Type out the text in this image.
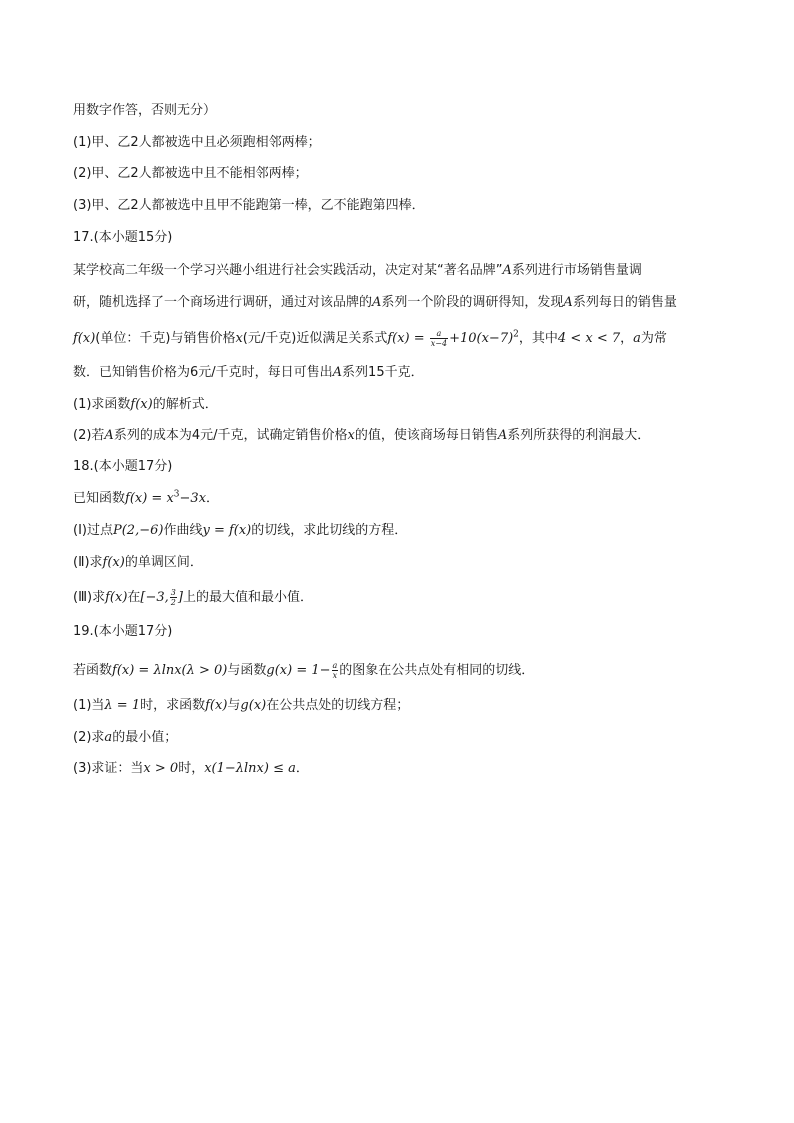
用数字作答，否则无分）
(1)甲、乙2人都被选中且必须跑相邻两棒；
(2)甲、乙2人都被选中且不能相邻两棒；
(3)甲、乙2人都被选中且甲不能跑第一棒，乙不能跑第四棒．
17.(本小题15分)
某学校高二年级一个学习兴趣小组进行社会实践活动，决定对某“著名品牌”A系列进行市场销售量调
研，随机选择了一个商场进行调研，通过对该品牌的A系列一个阶段的调研得知，发现A系列每日的销售量
f(x)(单位：千克)与销售价格x(元/千克)近似满足关系式$f(x) = \frac{a}{x-4} +10(x-7)^2$，其中4 < x < 7，a为常
数．已知销售价格为6元/千克时，每日可售出A系列15千克．
(1)求函数f(x)的解析式．
(2)若A系列的成本为4元/千克，试确定销售价格x的值，使该商场每日销售A系列所获得的利润最大．
18.(本小题17分)
已知函数$f(x) = x^3-3x$．
(Ⅰ)过点P(2,−6)作曲线y = f(x)的切线，求此切线的方程．
(Ⅱ)求f(x)的单调区间．
(Ⅲ)求f(x)在[−3, $\frac{3}{2}$ ]上的最大值和最小值．
19.(本小题17分)
若函数f(x) = λlnx(λ > 0)与函数$g(x) = 1- \frac{a}{x}$ 的图象在公共点处有相同的切线．
(1)当λ = 1时，求函数f(x)与g(x)在公共点处的切线方程；
(2)求a的最小值；
(3)求证：当x > 0时，x(1−λlnx) ≤ a．
